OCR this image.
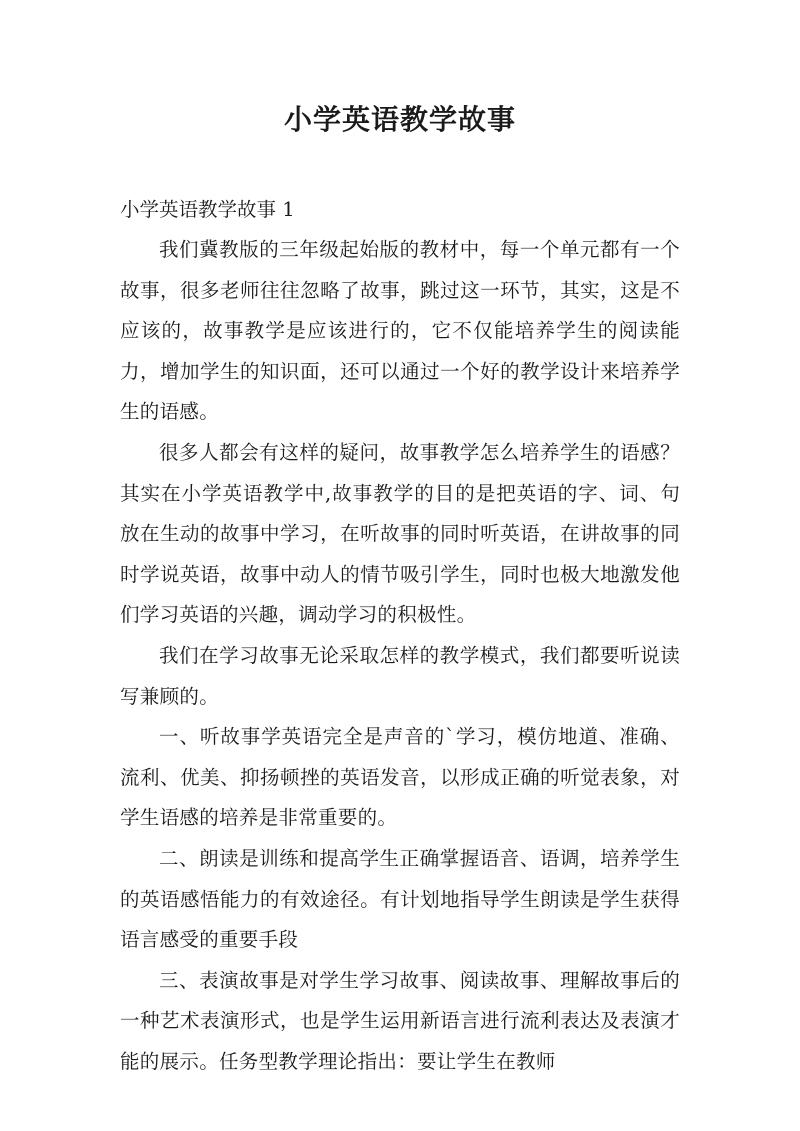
小学英语教学故事
小学英语教学故事 1

我们冀教版的三年级起始版的教材中，每一个单元都有一个故事，很多老师往往忽略了故事，跳过这一环节，其实，这是不应该的，故事教学是应该进行的，它不仅能培养学生的阅读能力，增加学生的知识面，还可以通过一个好的教学设计来培养学生的语感。

很多人都会有这样的疑问，故事教学怎么培养学生的语感？其实在小学英语教学中,故事教学的目的是把英语的字、词、句放在生动的故事中学习，在听故事的同时听英语，在讲故事的同时学说英语，故事中动人的情节吸引学生，同时也极大地激发他们学习英语的兴趣，调动学习的积极性。

我们在学习故事无论采取怎样的教学模式，我们都要听说读写兼顾的。

一、听故事学英语完全是声音的`学习，模仿地道、准确、流利、优美、抑扬顿挫的英语发音，以形成正确的听觉表象，对学生语感的培养是非常重要的。

二、朗读是训练和提高学生正确掌握语音、语调，培养学生的英语感悟能力的有效途径。有计划地指导学生朗读是学生获得语言感受的重要手段

三、表演故事是对学生学习故事、阅读故事、理解故事后的一种艺术表演形式，也是学生运用新语言进行流利表达及表演才能的展示。任务型教学理论指出：要让学生在教师
